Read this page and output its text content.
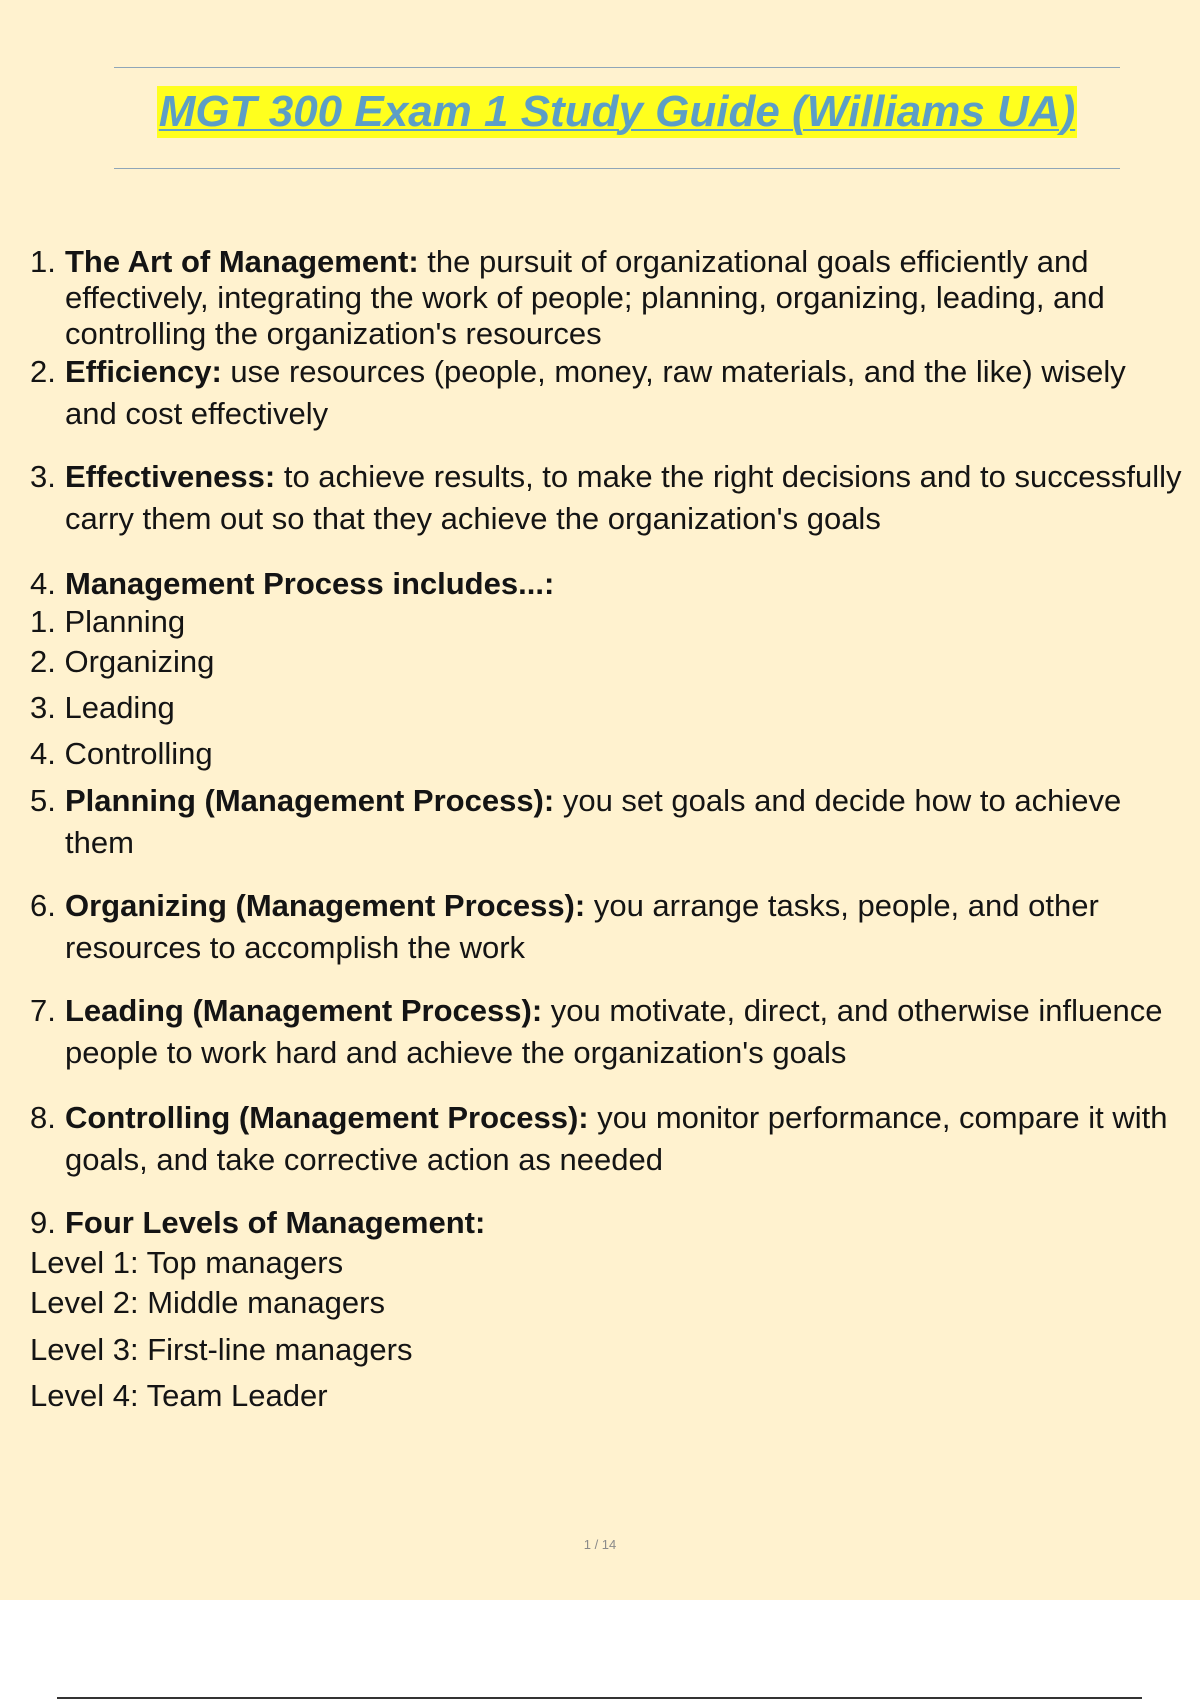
MGT 300 Exam 1 Study Guide (Williams UA)
1. The Art of Management: the pursuit of organizational goals efficiently and effectively, integrating the work of people; planning, organizing, leading, and controlling the organization's resources
2. Efficiency: use resources (people, money, raw materials, and the like) wisely and cost effectively
3. Effectiveness: to achieve results, to make the right decisions and to successfully carry them out so that they achieve the organization's goals
4. Management Process includes...:
1. Planning
2. Organizing
3. Leading
4. Controlling
5. Planning (Management Process): you set goals and decide how to achieve them
6. Organizing (Management Process): you arrange tasks, people, and other resources to accomplish the work
7. Leading (Management Process): you motivate, direct, and otherwise influence people to work hard and achieve the organization's goals
8. Controlling (Management Process): you monitor performance, compare it with goals, and take corrective action as needed
9. Four Levels of Management:
Level 1: Top managers
Level 2: Middle managers
Level 3: First-line managers
Level 4: Team Leader
1 / 14
